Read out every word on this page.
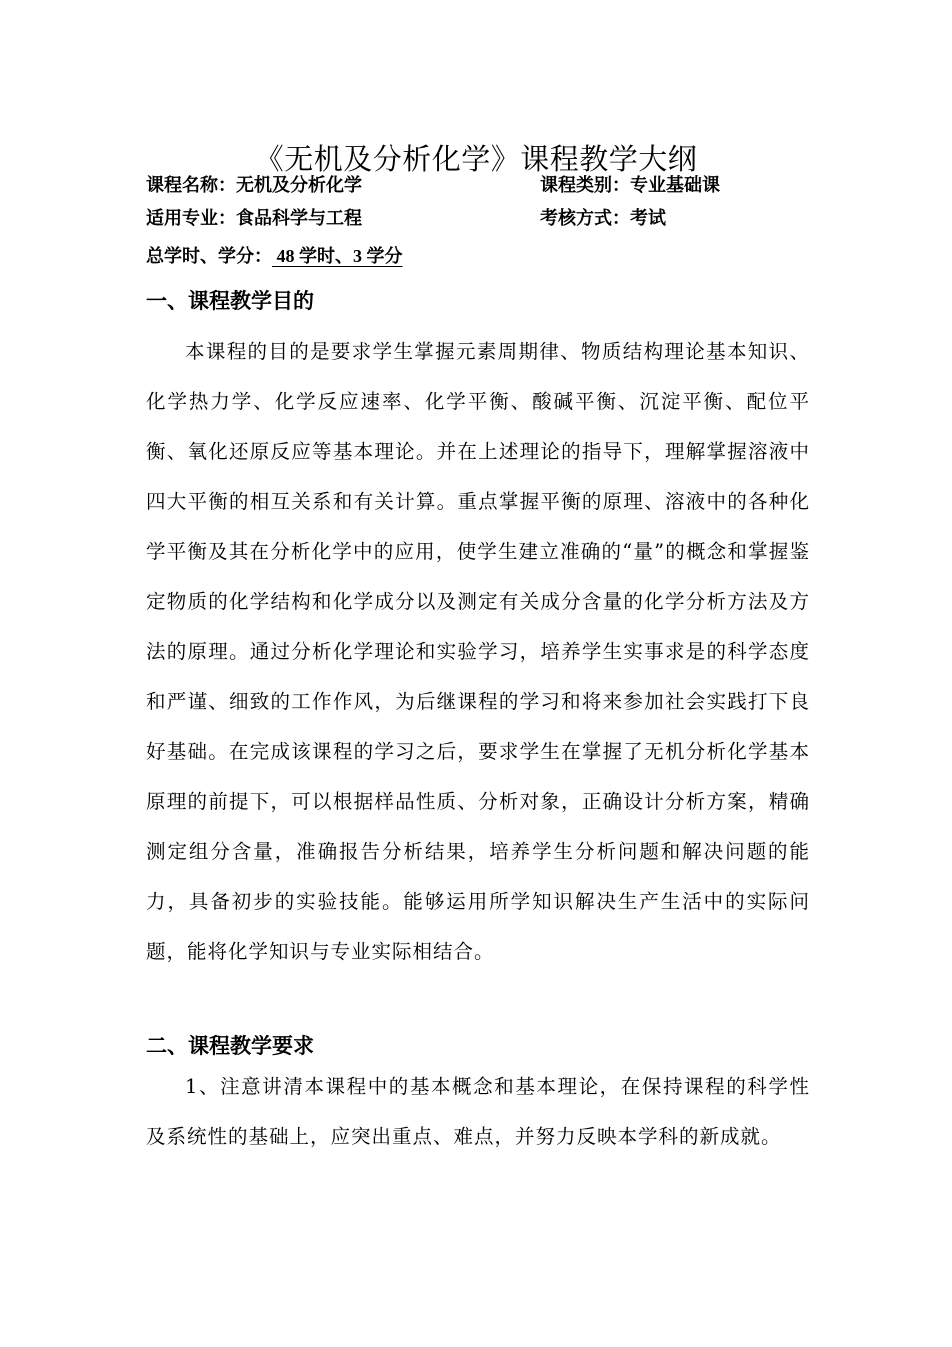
《无机及分析化学》课程教学大纲
课程名称：无机及分析化学	课程类别：专业基础课
适用专业：食品科学与工程	考核方式：考试
总学时、学分： 48 学时、3 学分
一、课程教学目的

本课程的目的是要求学生掌握元素周期律、物质结构理论基本知识、化学热力学、化学反应速率、化学平衡、酸碱平衡、沉淀平衡、配位平衡、氧化还原反应等基本理论。并在上述理论的指导下，理解掌握溶液中四大平衡的相互关系和有关计算。重点掌握平衡的原理、溶液中的各种化学平衡及其在分析化学中的应用，使学生建立准确的“量”的概念和掌握鉴定物质的化学结构和化学成分以及测定有关成分含量的化学分析方法及方法的原理。通过分析化学理论和实验学习，培养学生实事求是的科学态度和严谨、细致的工作作风，为后继课程的学习和将来参加社会实践打下良好基础。在完成该课程的学习之后，要求学生在掌握了无机分析化学基本原理的前提下，可以根据样品性质、分析对象，正确设计分析方案，精确测定组分含量，准确报告分析结果，培养学生分析问题和解决问题的能力，具备初步的实验技能。能够运用所学知识解决生产生活中的实际问题，能将化学知识与专业实际相结合。

二、课程教学要求

1、注意讲清本课程中的基本概念和基本理论，在保持课程的科学性及系统性的基础上，应突出重点、难点，并努力反映本学科的新成就。
